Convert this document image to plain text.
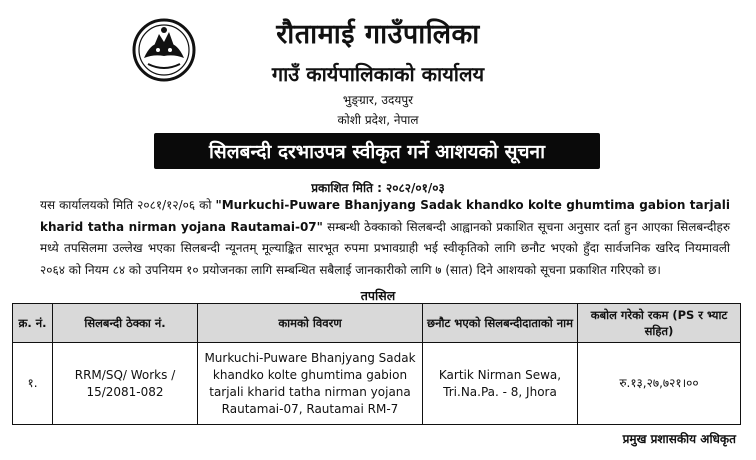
रौतामाई गाउँपालिका
गाउँ कार्यपालिकाको कार्यालय
भुङ्‌ग्रार, उदयपुर
कोशी प्रदेश, नेपाल
सिलबन्दी दरभाउपत्र स्वीकृत गर्ने आशयको सूचना
प्रकाशित मिति : २०८२/०१/०३
यस कार्यालयको मिति २०८१/१२/०६ को "Murkuchi-Puware Bhanjyang Sadak khandko kolte ghumtima gabion tarjali kharid tatha nirman yojana Rautamai-07" सम्बन्धी ठेक्काको सिलबन्दी आह्वानको प्रकाशित सूचना अनुसार दर्ता हुन आएका सिलबन्दीहरु मध्ये तपसिलमा उल्लेख भएका सिलबन्दी न्यूनतम् मूल्याङ्कित सारभूत रुपमा प्रभावग्राही भई स्वीकृतिको लागि छनौट भएको हुँदा सार्वजनिक खरिद नियमावली २०६४ को नियम ८४ को उपनियम १० प्रयोजनका लागि सम्बन्धित सबैलाई जानकारीको लागि ७ (सात) दिने आशयको सूचना प्रकाशित गरिएको छ।
तपसिल
क्र. नं.	सिलबन्दी ठेक्का नं.	कामको विवरण	छनौट भएको सिलबन्दीदाताको नाम	कबोल गरेको रकम (PS र भ्याट सहित)
१.	RRM/SQ/ Works / 15/2081-082	Murkuchi-Puware Bhanjyang Sadak khandko kolte ghumtima gabion tarjali kharid tatha nirman yojana Rautamai-07, Rautamai RM-7	Kartik Nirman Sewa, Tri.Na.Pa. - 8, Jhora	रु.१३,२७,७२१।००
प्रमुख प्रशासकीय अधिकृत
